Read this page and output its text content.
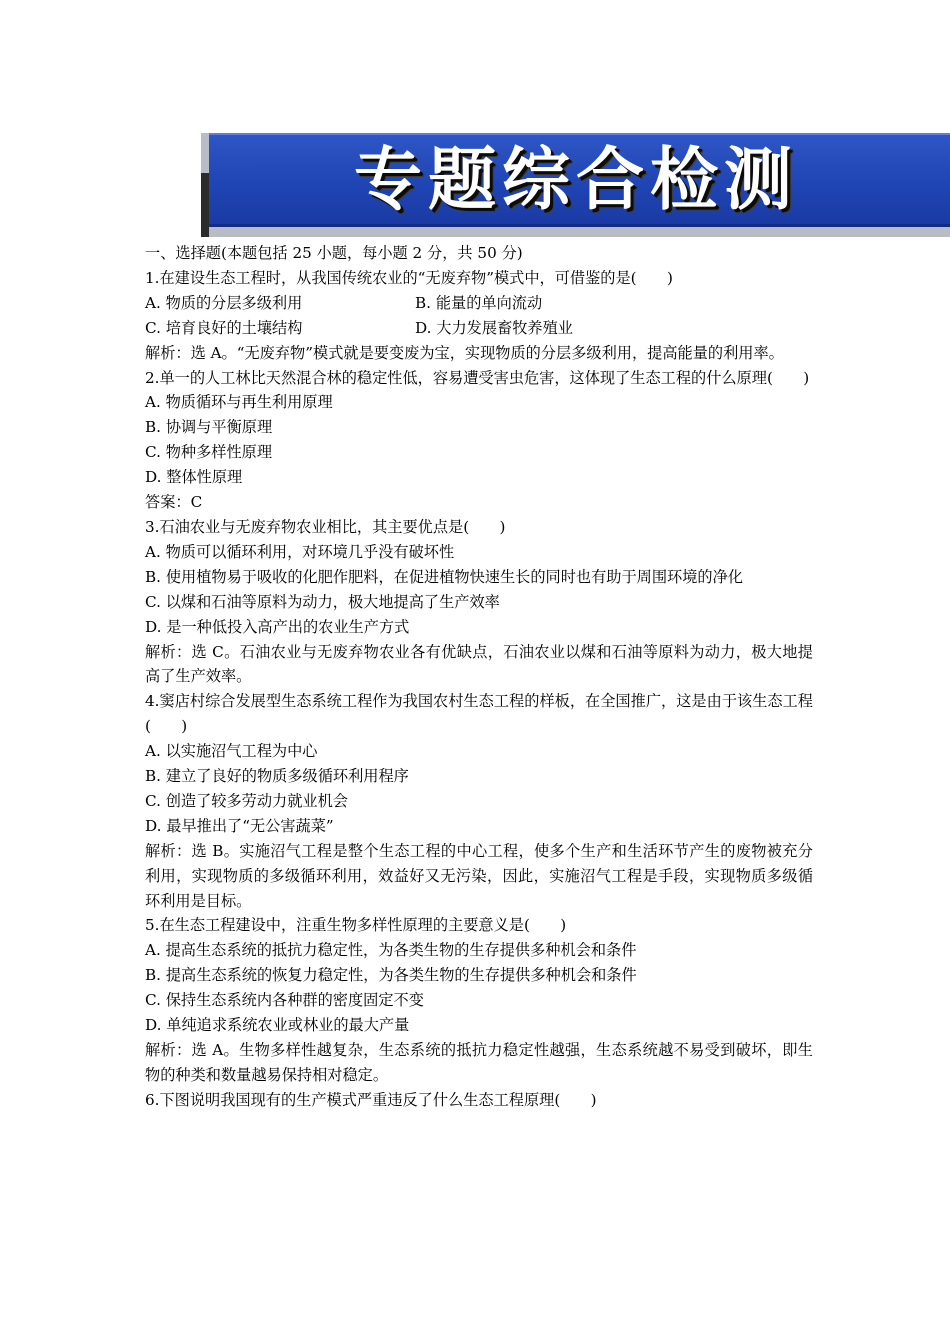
专题综合检测

一、选择题(本题包括 25 小题，每小题 2 分，共 50 分)

1.在建设生态工程时，从我国传统农业的“无废弃物”模式中，可借鉴的是(　　)

A. 物质的分层多级利用	B. 能量的单向流动
C. 培育良好的土壤结构	D. 大力发展畜牧养殖业

解析：选 A。“无废弃物”模式就是要变废为宝，实现物质的分层多级利用，提高能量的利用率。

2.单一的人工林比天然混合林的稳定性低，容易遭受害虫危害，这体现了生态工程的什么原理(　　)

A. 物质循环与再生利用原理

B. 协调与平衡原理

C. 物种多样性原理

D. 整体性原理

答案：C

3.石油农业与无废弃物农业相比，其主要优点是(　　)

A. 物质可以循环利用，对环境几乎没有破坏性

B. 使用植物易于吸收的化肥作肥料，在促进植物快速生长的同时也有助于周围环境的净化

C. 以煤和石油等原料为动力，极大地提高了生产效率

D. 是一种低投入高产出的农业生产方式

解析：选 C。石油农业与无废弃物农业各有优缺点，石油农业以煤和石油等原料为动力，极大地提高了生产效率。

4.窦店村综合发展型生态系统工程作为我国农村生态工程的样板，在全国推广，这是由于该生态工程(　　)

A. 以实施沼气工程为中心

B. 建立了良好的物质多级循环利用程序

C. 创造了较多劳动力就业机会

D. 最早推出了“无公害蔬菜”

解析：选 B。实施沼气工程是整个生态工程的中心工程，使多个生产和生活环节产生的废物被充分利用，实现物质的多级循环利用，效益好又无污染，因此，实施沼气工程是手段，实现物质多级循环利用是目标。

5.在生态工程建设中，注重生物多样性原理的主要意义是(　　)

A. 提高生态系统的抵抗力稳定性，为各类生物的生存提供多种机会和条件

B. 提高生态系统的恢复力稳定性，为各类生物的生存提供多种机会和条件

C. 保持生态系统内各种群的密度固定不变

D. 单纯追求系统农业或林业的最大产量

解析：选 A。生物多样性越复杂，生态系统的抵抗力稳定性越强，生态系统越不易受到破坏，即生物的种类和数量越易保持相对稳定。

6.下图说明我国现有的生产模式严重违反了什么生态工程原理(　　)
